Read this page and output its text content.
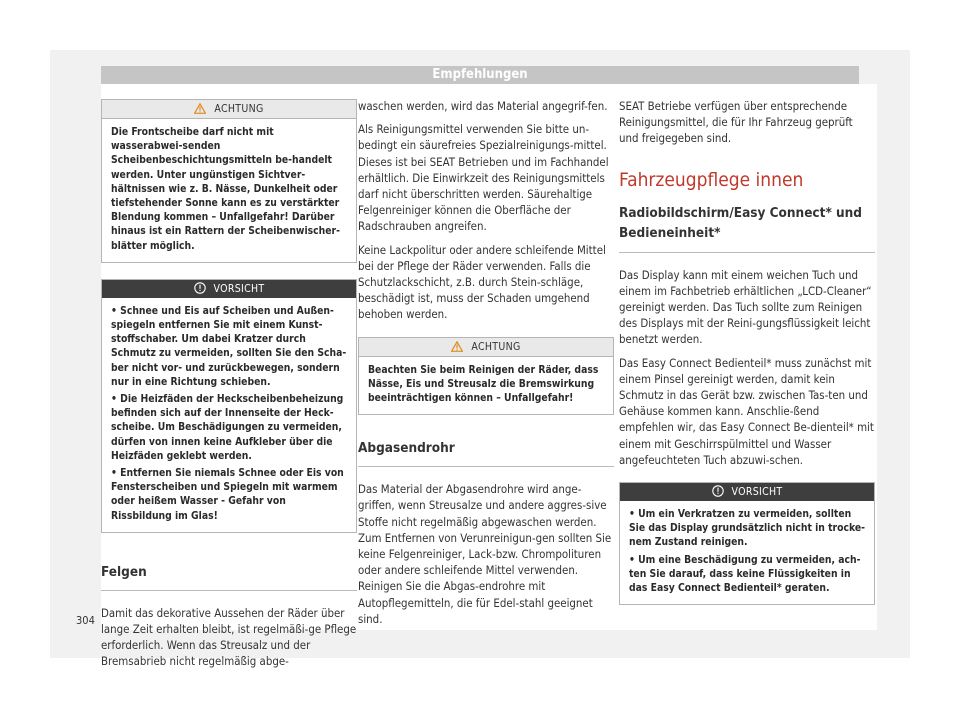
Empfehlungen
ACHTUNG
Die Frontscheibe darf nicht mit wasserabwei-senden Scheibenbeschichtungsmitteln be-handelt werden. Unter ungünstigen Sichtver-hältnissen wie z. B. Nässe, Dunkelheit oder tiefstehender Sonne kann es zu verstärkter Blendung kommen – Unfallgefahr! Darüber hinaus ist ein Rattern der Scheibenwischer-blätter möglich.
VORSICHT
• Schnee und Eis auf Scheiben und Außen-spiegeln entfernen Sie mit einem Kunst-stoffschaber. Um dabei Kratzer durch Schmutz zu vermeiden, sollten Sie den Scha-ber nicht vor- und zurückbewegen, sondern nur in eine Richtung schieben.
• Die Heizfäden der Heckscheibenbeheizung befinden sich auf der Innenseite der Heck-scheibe. Um Beschädigungen zu vermeiden, dürfen von innen keine Aufkleber über die Heizfäden geklebt werden.
• Entfernen Sie niemals Schnee oder Eis von Fensterscheiben und Spiegeln mit warmem oder heißem Wasser - Gefahr von Rissbildung im Glas!
Felgen

Damit das dekorative Aussehen der Räder über lange Zeit erhalten bleibt, ist regelmäßi-ge Pflege erforderlich. Wenn das Streusalz und der Bremsabrieb nicht regelmäßig abge-

waschen werden, wird das Material angegrif-fen.

Als Reinigungsmittel verwenden Sie bitte un-bedingt ein säurefreies Spezialreinigungs-mittel. Dieses ist bei SEAT Betrieben und im Fachhandel erhältlich. Die Einwirkzeit des Reinigungsmittels darf nicht überschritten werden. Säurehaltige Felgenreiniger können die Oberfläche der Radschrauben angreifen.

Keine Lackpolitur oder andere schleifende Mittel bei der Pflege der Räder verwenden. Falls die Schutzlackschicht, z.B. durch Stein-schläge, beschädigt ist, muss der Schaden umgehend behoben werden.

ACHTUNG
Beachten Sie beim Reinigen der Räder, dass Nässe, Eis und Streusalz die Bremswirkung beeinträchtigen können – Unfallgefahr!
Abgasendrohr

Das Material der Abgasendrohre wird ange-griffen, wenn Streusalze und andere aggres-sive Stoffe nicht regelmäßig abgewaschen werden. Zum Entfernen von Verunreinigun-gen sollten Sie keine Felgenreiniger, Lack-bzw. Chrompolituren oder andere schleifende Mittel verwenden. Reinigen Sie die Abgas-endrohre mit Autopflegemitteln, die für Edel-stahl geeignet sind.

SEAT Betriebe verfügen über entsprechende Reinigungsmittel, die für Ihr Fahrzeug geprüft und freigegeben sind.

Fahrzeugpflege innen
Radiobildschirm/Easy Connect* und Bedieneinheit*

Das Display kann mit einem weichen Tuch und einem im Fachbetrieb erhältlichen „LCD-Cleaner“ gereinigt werden. Das Tuch sollte zum Reinigen des Displays mit der Reini-gungsflüssigkeit leicht benetzt werden.

Das Easy Connect Bedienteil* muss zunächst mit einem Pinsel gereinigt werden, damit kein Schmutz in das Gerät bzw. zwischen Tas-ten und Gehäuse kommen kann. Anschlie-ßend empfehlen wir, das Easy Connect Be-dienteil* mit einem mit Geschirrspülmittel und Wasser angefeuchteten Tuch abzuwi-schen.

VORSICHT
• Um ein Verkratzen zu vermeiden, sollten Sie das Display grundsätzlich nicht in trocke-nem Zustand reinigen.
• Um eine Beschädigung zu vermeiden, ach-ten Sie darauf, dass keine Flüssigkeiten in das Easy Connect Bedienteil* geraten.
304
